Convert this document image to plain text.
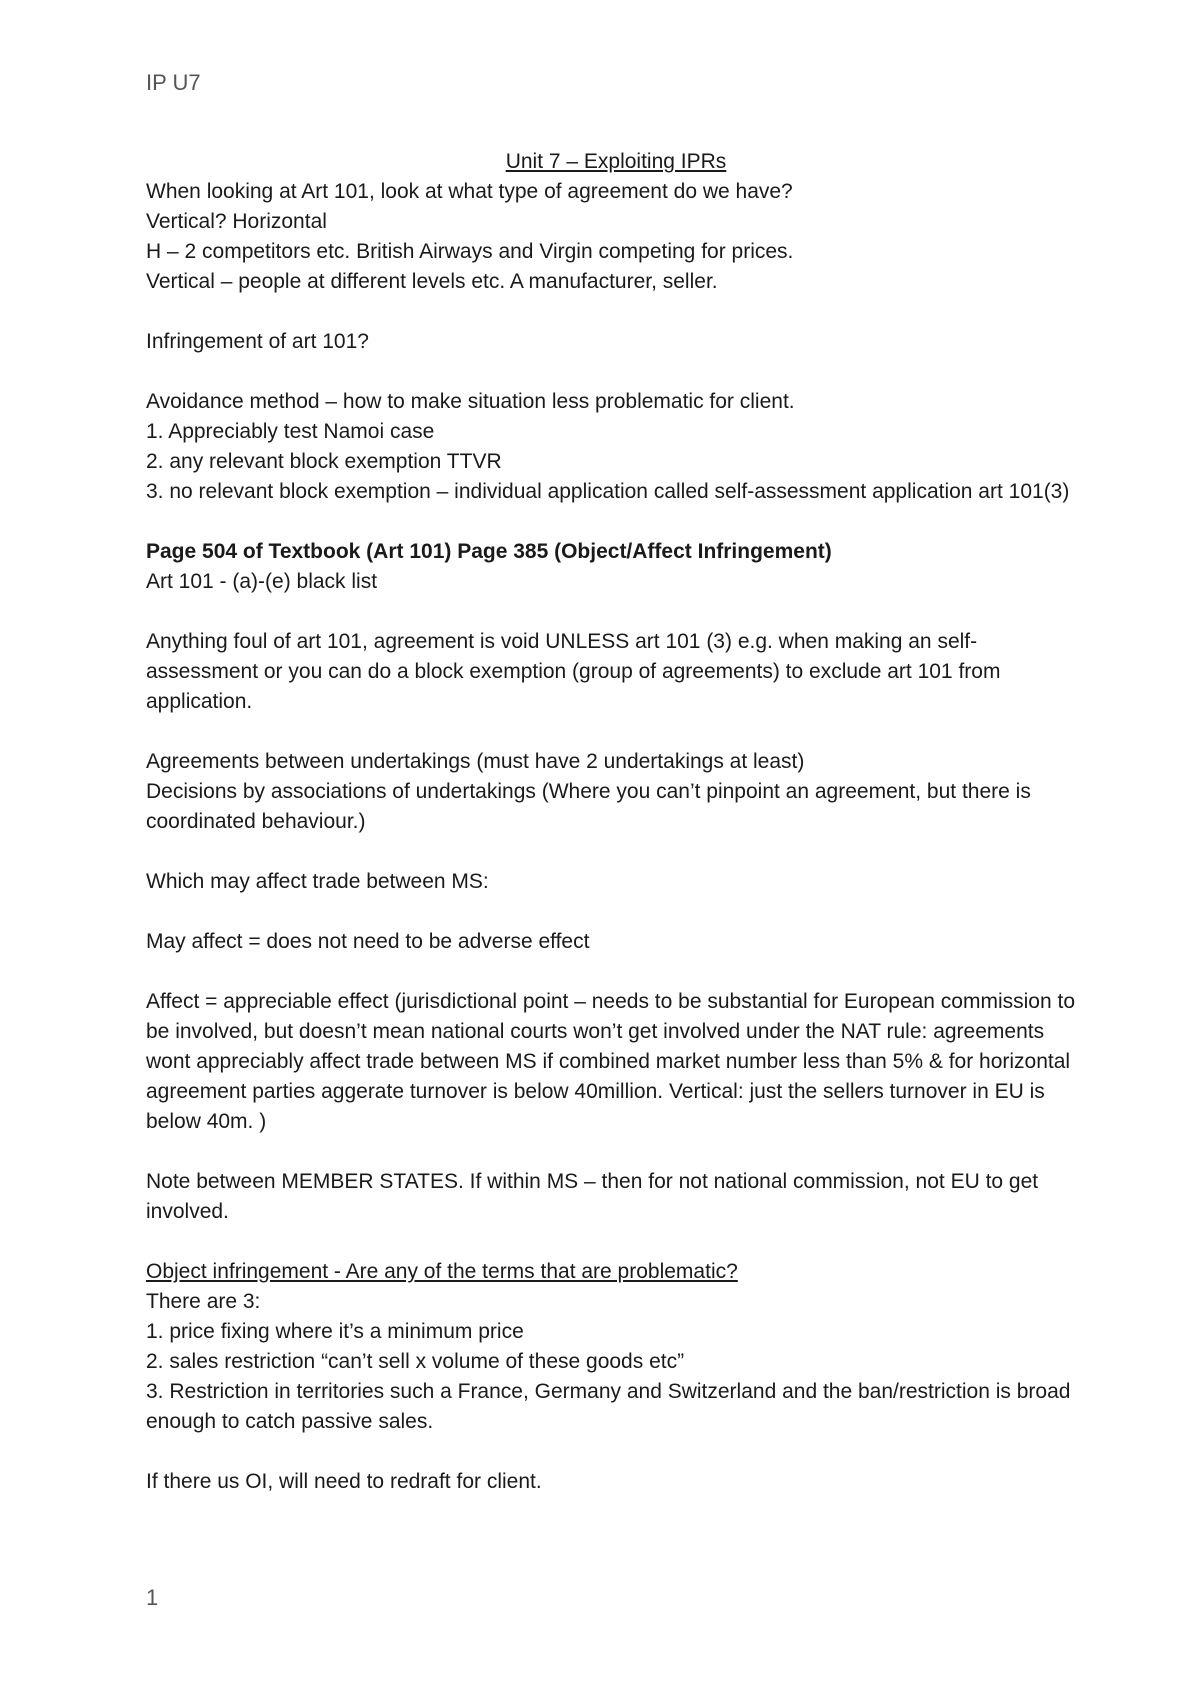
IP U7
Unit 7 – Exploiting IPRs
When looking at Art 101, look at what type of agreement do we have?
Vertical? Horizontal
H – 2 competitors etc. British Airways and Virgin competing for prices.
Vertical – people at different levels etc. A manufacturer, seller.
Infringement of art 101?
Avoidance method – how to make situation less problematic for client.
1. Appreciably test Namoi case
2. any relevant block exemption TTVR
3. no relevant block exemption – individual application called self-assessment application art 101(3)
Page 504 of Textbook (Art 101) Page 385 (Object/Affect Infringement)
Art 101 - (a)-(e) black list
Anything foul of art 101, agreement is void UNLESS art 101 (3) e.g. when making an self-assessment or you can do a block exemption (group of agreements) to exclude art 101 from application.
Agreements between undertakings (must have 2 undertakings at least)
Decisions by associations of undertakings (Where you can’t pinpoint an agreement, but there is coordinated behaviour.)
Which may affect trade between MS:
May affect = does not need to be adverse effect
Affect = appreciable effect (jurisdictional point – needs to be substantial for European commission to be involved, but doesn’t mean national courts won’t get involved under the NAT rule: agreements wont appreciably affect trade between MS if combined market number less than 5% & for horizontal agreement parties aggerate turnover is below 40million. Vertical: just the sellers turnover in EU is below 40m. )
Note between MEMBER STATES. If within MS – then for not national commission, not EU to get involved.
Object infringement - Are any of the terms that are problematic?
There are 3:
1. price fixing where it’s a minimum price
2. sales restriction “can’t sell x volume of these goods etc”
3. Restriction in territories such a France, Germany and Switzerland and the ban/restriction is broad enough to catch passive sales.
If there us OI, will need to redraft for client.
1
